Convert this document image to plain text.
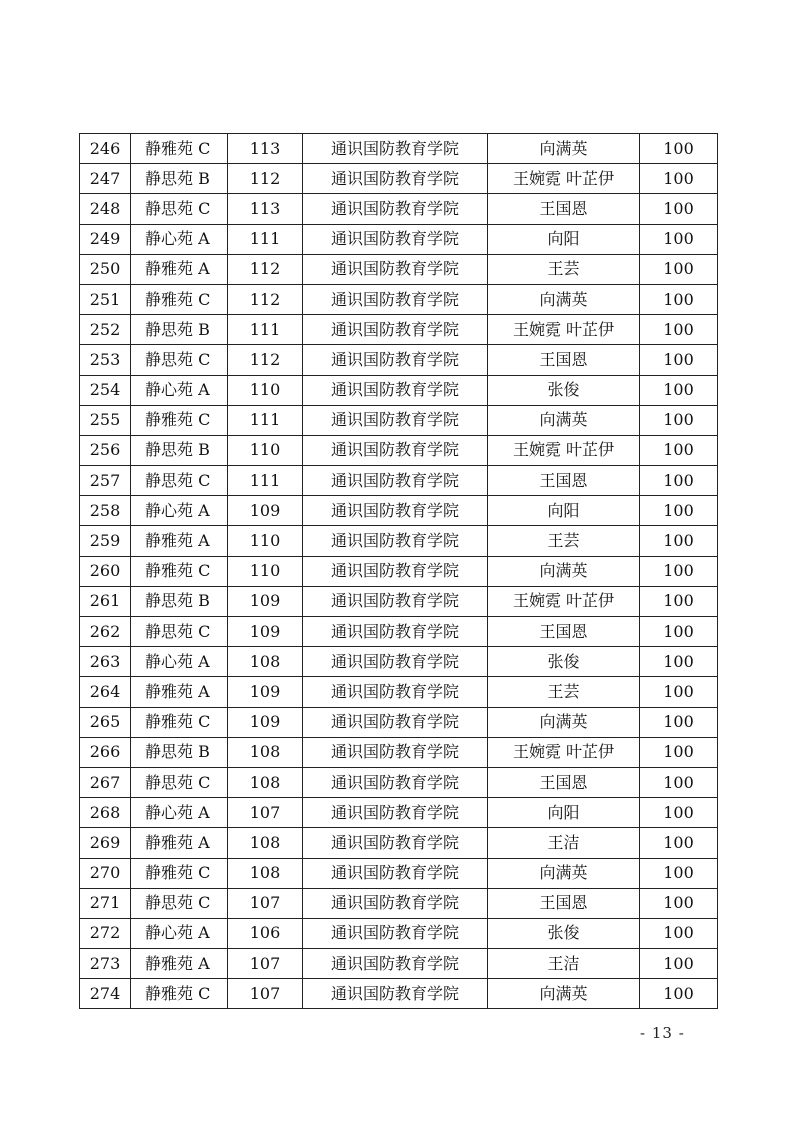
246	静雅苑 C	113	通识国防教育学院	向满英	100
247	静思苑 B	112	通识国防教育学院	王婉霓 叶芷伊	100
248	静思苑 C	113	通识国防教育学院	王国恩	100
249	静心苑 A	111	通识国防教育学院	向阳	100
250	静雅苑 A	112	通识国防教育学院	王芸	100
251	静雅苑 C	112	通识国防教育学院	向满英	100
252	静思苑 B	111	通识国防教育学院	王婉霓 叶芷伊	100
253	静思苑 C	112	通识国防教育学院	王国恩	100
254	静心苑 A	110	通识国防教育学院	张俊	100
255	静雅苑 C	111	通识国防教育学院	向满英	100
256	静思苑 B	110	通识国防教育学院	王婉霓 叶芷伊	100
257	静思苑 C	111	通识国防教育学院	王国恩	100
258	静心苑 A	109	通识国防教育学院	向阳	100
259	静雅苑 A	110	通识国防教育学院	王芸	100
260	静雅苑 C	110	通识国防教育学院	向满英	100
261	静思苑 B	109	通识国防教育学院	王婉霓 叶芷伊	100
262	静思苑 C	109	通识国防教育学院	王国恩	100
263	静心苑 A	108	通识国防教育学院	张俊	100
264	静雅苑 A	109	通识国防教育学院	王芸	100
265	静雅苑 C	109	通识国防教育学院	向满英	100
266	静思苑 B	108	通识国防教育学院	王婉霓 叶芷伊	100
267	静思苑 C	108	通识国防教育学院	王国恩	100
268	静心苑 A	107	通识国防教育学院	向阳	100
269	静雅苑 A	108	通识国防教育学院	王洁	100
270	静雅苑 C	108	通识国防教育学院	向满英	100
271	静思苑 C	107	通识国防教育学院	王国恩	100
272	静心苑 A	106	通识国防教育学院	张俊	100
273	静雅苑 A	107	通识国防教育学院	王洁	100
274	静雅苑 C	107	通识国防教育学院	向满英	100
- 13 -
